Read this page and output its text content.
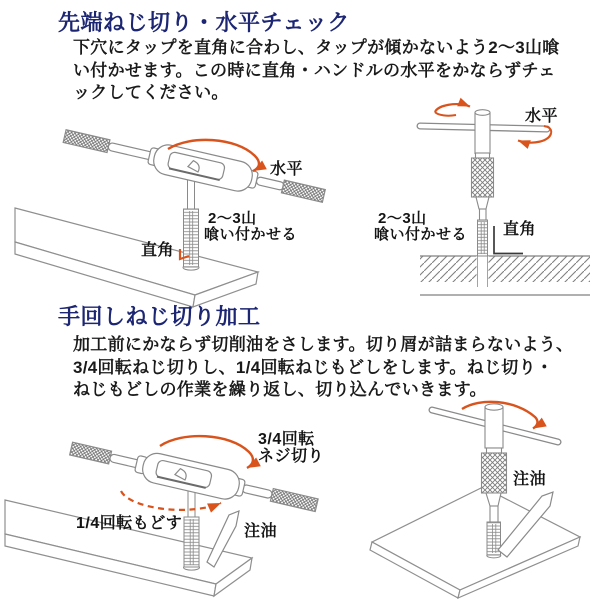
先端ねじ切り・水平チェック
下穴にタップを直角に合わし、タップが傾かないよう2〜3山喰
い付かせます。この時に直角・ハンドルの水平をかならずチェ
ックしてください。
水平
2〜3山
喰い付かせる
直角
水平
2〜3山
喰い付かせる 直角
手回しねじ切り加工
加工前にかならず切削油をさします。切り屑が詰まらないよう、
3/4回転ねじ切りし、1/4回転ねじもどしをします。ねじ切り・
ねじもどしの作業を繰り返し、切り込んでいきます。
3/4回転
ネジ切り
1/4回転もどす	注油
注油
